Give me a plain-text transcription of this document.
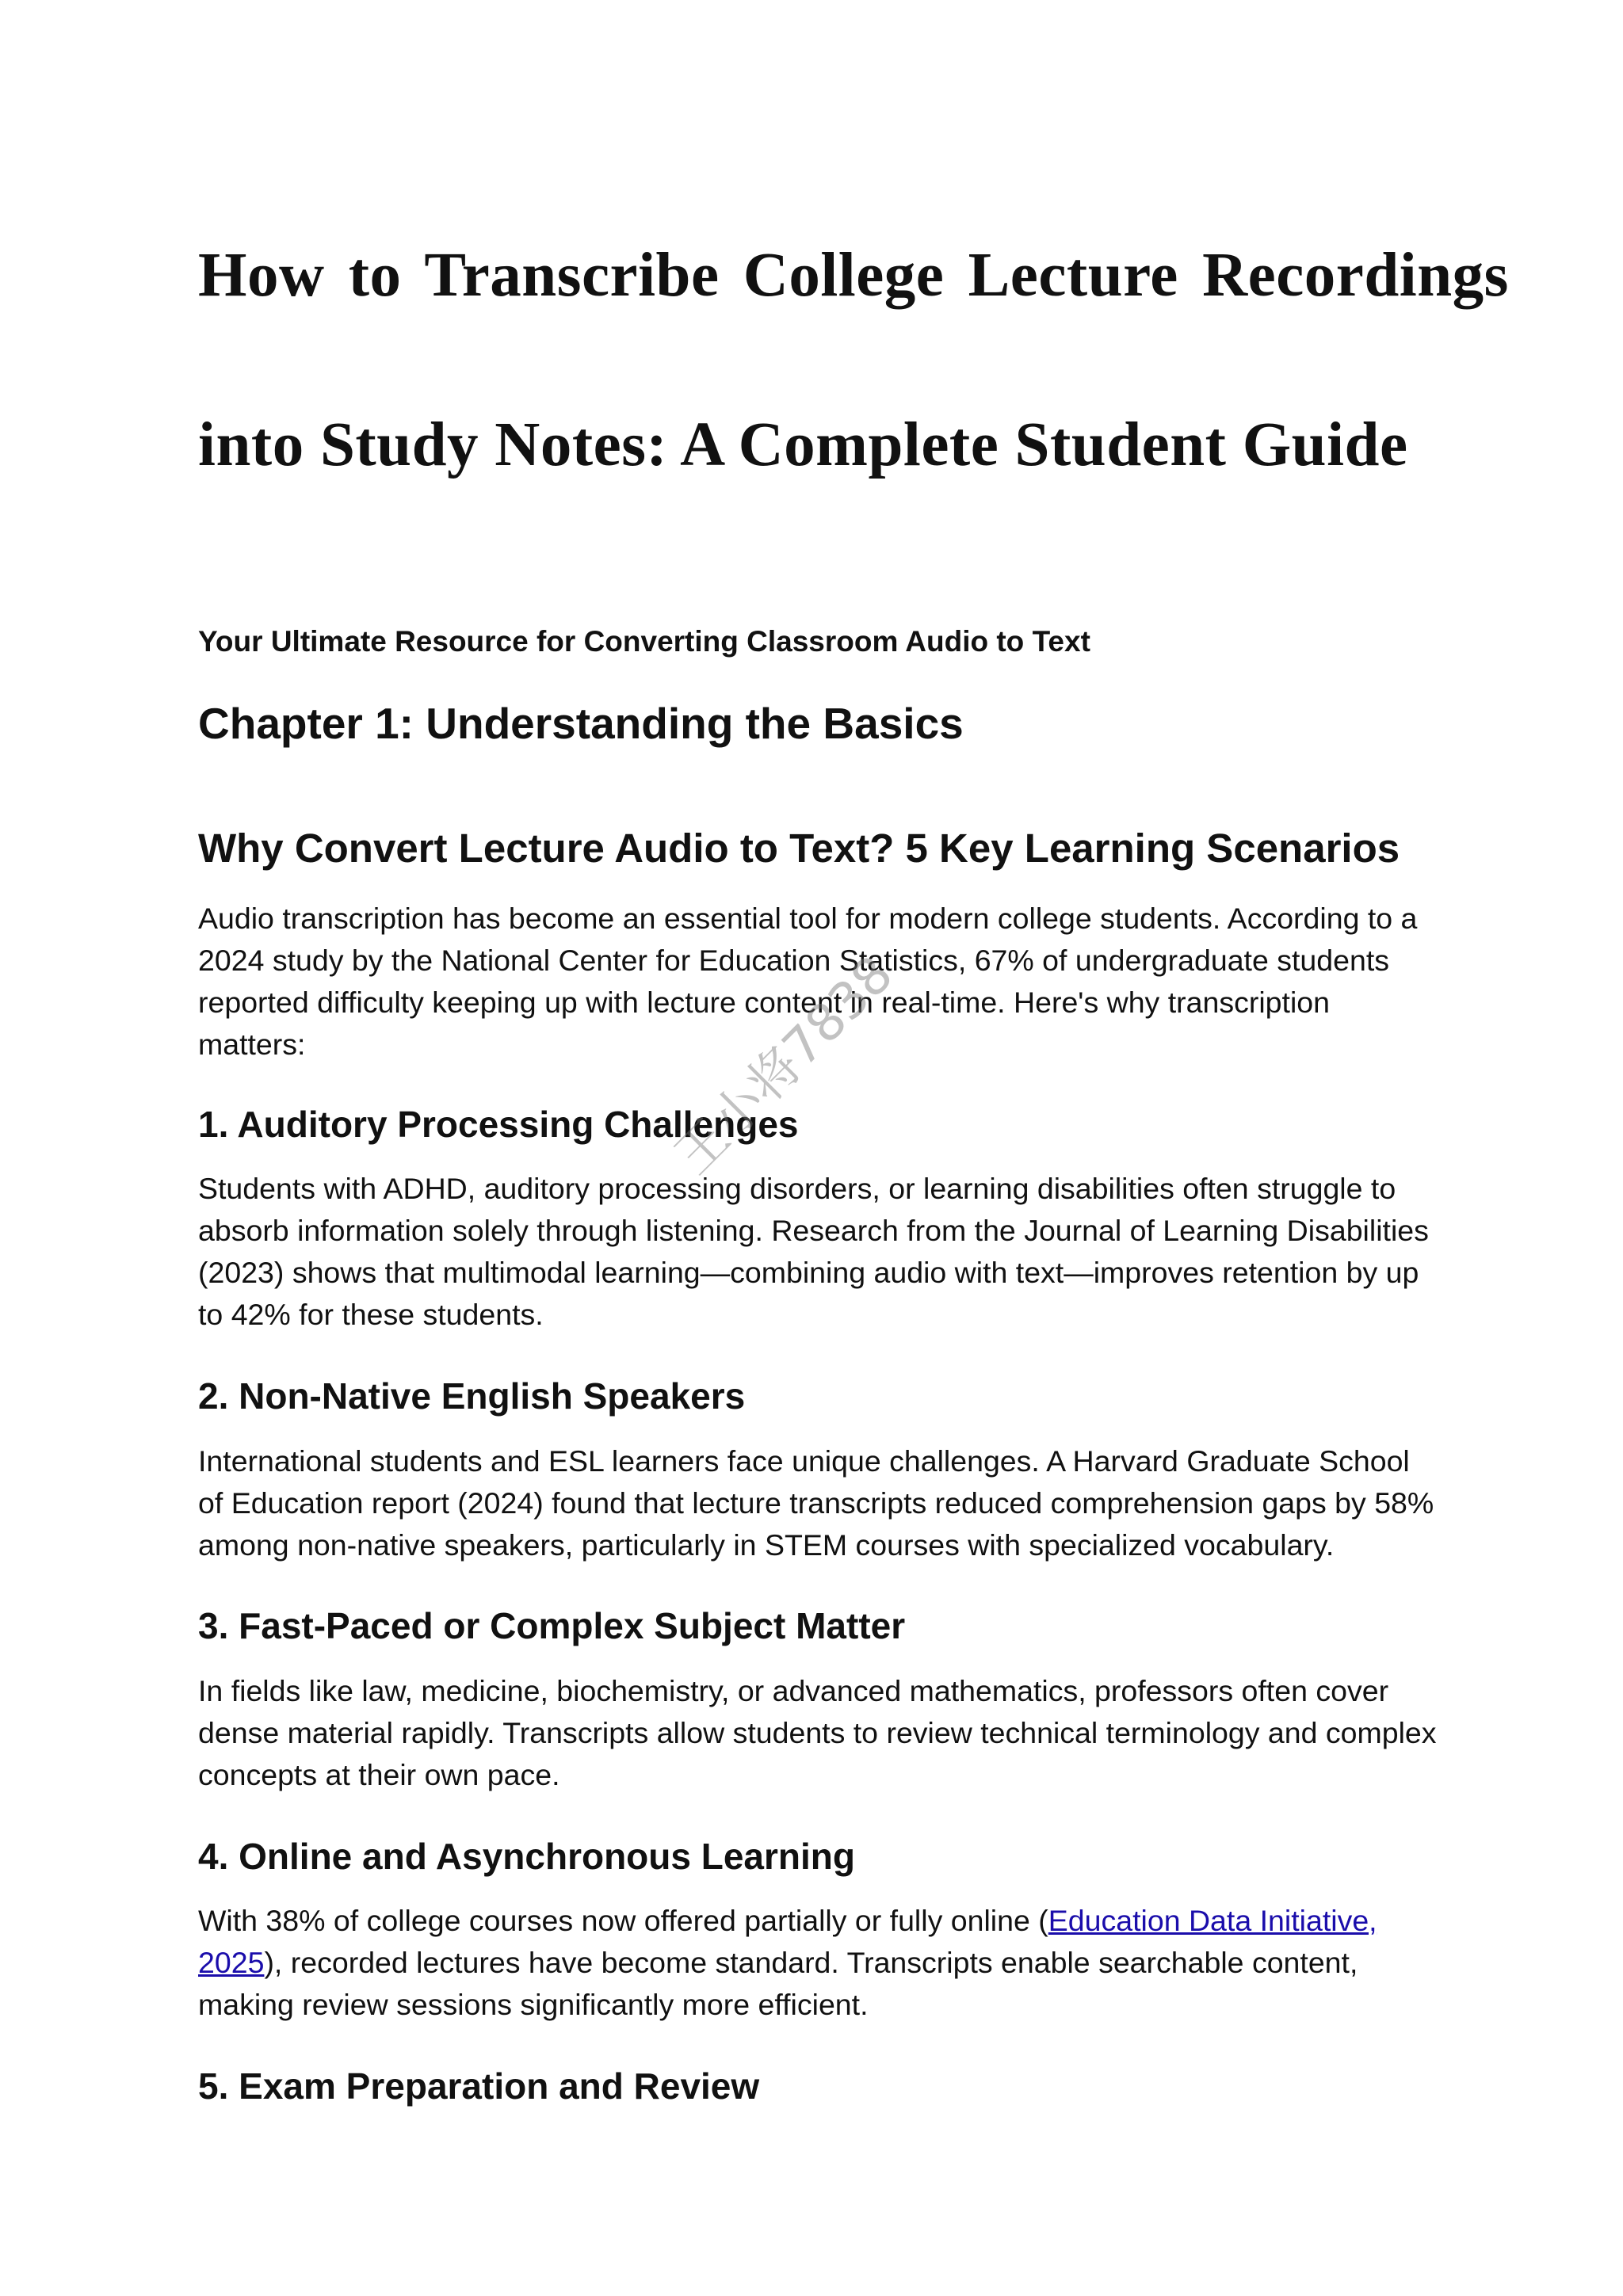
How to Transcribe College Lecture Recordings
into Study Notes: A Complete Student Guide

Your Ultimate Resource for Converting Classroom Audio to Text

Chapter 1: Understanding the Basics
Why Convert Lecture Audio to Text? 5 Key Learning Scenarios

Audio transcription has become an essential tool for modern college students. According to a 2024 study by the National Center for Education Statistics, 67% of undergraduate students reported difficulty keeping up with lecture content in real-time. Here's why transcription matters:

1. Auditory Processing Challenges

Students with ADHD, auditory processing disorders, or learning disabilities often struggle to absorb information solely through listening. Research from the Journal of Learning Disabilities (2023) shows that multimodal learning—combining audio with text—improves retention by up to 42% for these students.

2. Non-Native English Speakers

International students and ESL learners face unique challenges. A Harvard Graduate School of Education report (2024) found that lecture transcripts reduced comprehension gaps by 58% among non-native speakers, particularly in STEM courses with specialized vocabulary.

3. Fast-Paced or Complex Subject Matter

In fields like law, medicine, biochemistry, or advanced mathematics, professors often cover dense material rapidly. Transcripts allow students to review technical terminology and complex concepts at their own pace.

4. Online and Asynchronous Learning

With 38% of college courses now offered partially or fully online (Education Data Initiative, 2025), recorded lectures have become standard. Transcripts enable searchable content, making review sessions significantly more efficient.

5. Exam Preparation and Review
王小将7838
